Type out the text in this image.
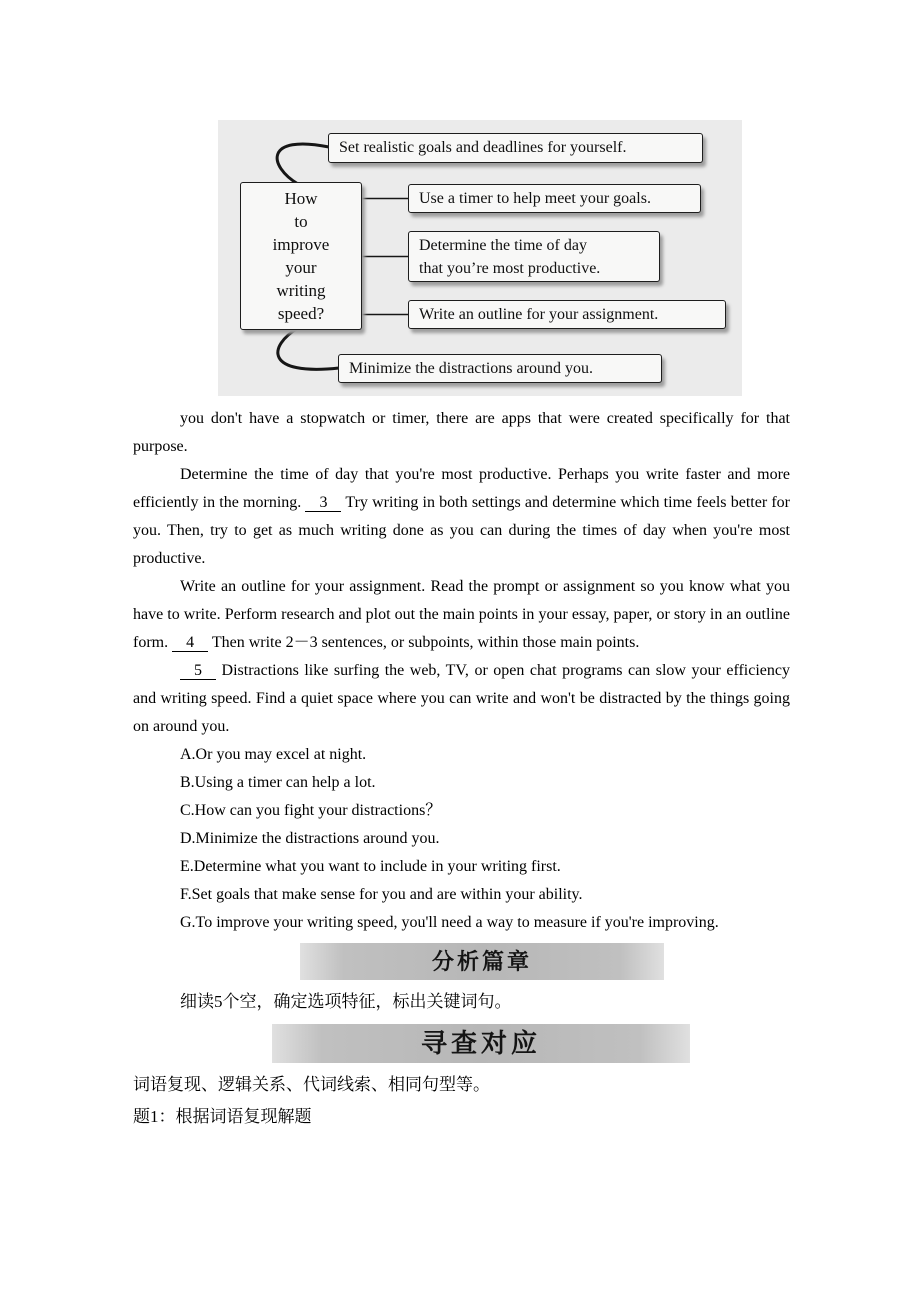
How
to
improve
your
writing
speed?
Set realistic goals and deadlines for yourself.
Use a timer to help meet your goals.
Determine the time of day
that you’re most productive.
Write an outline for your assignment.
Minimize the distractions around you.
you don't have a stopwatch or timer, there are apps that were created specifically for that purpose.
Determine the time of day that you're most productive. Perhaps you write faster and more efficiently in the morning. 3 Try writing in both settings and determine which time feels better for you. Then, try to get as much writing done as you can during the times of day when you're most productive.
Write an outline for your assignment. Read the prompt or assignment so you know what you have to write. Perform research and plot out the main points in your essay, paper, or story in an outline form. 4 Then write 2－3 sentences, or subpoints, within those main points.
5 Distractions like surfing the web, TV, or open chat programs can slow your efficiency and writing speed. Find a quiet space where you can write and won't be distracted by the things going on around you.
A.Or you may excel at night.
B.Using a timer can help a lot.
C.How can you fight your distractions？
D.Minimize the distractions around you.
E.Determine what you want to include in your writing first.
F.Set goals that make sense for you and are within your ability.
G.To improve your writing speed, you'll need a way to measure if you're improving.
分析篇章
细读5个空，确定选项特征，标出关键词句。
寻查对应
词语复现、逻辑关系、代词线索、相同句型等。
题1：根据词语复现解题
